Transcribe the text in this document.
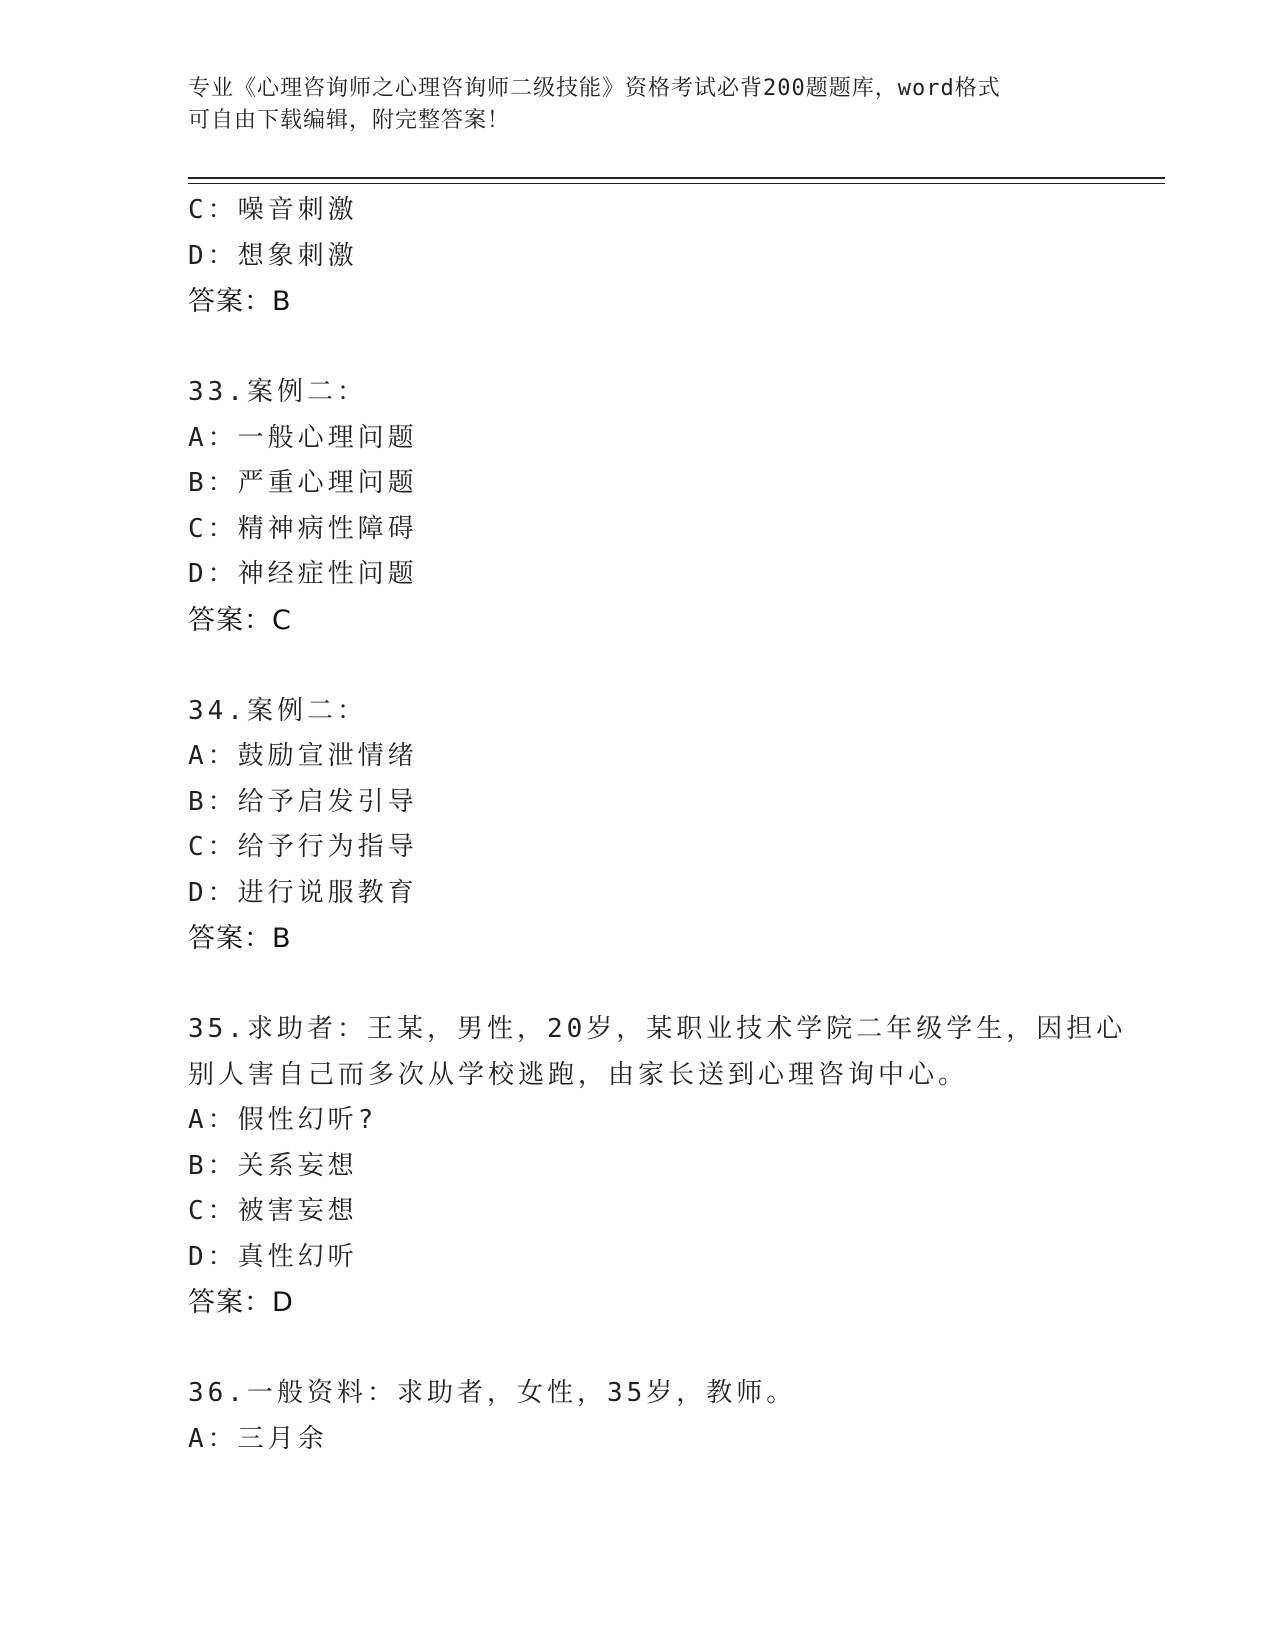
专业《心理咨询师之心理咨询师二级技能》资格考试必背200题题库，word格式
可自由下载编辑，附完整答案！
C：噪音刺激
D：想象刺激
答案：B
33.案例二：
A：一般心理问题
B：严重心理问题
C：精神病性障碍
D：神经症性问题
答案：C
34.案例二：
A：鼓励宣泄情绪
B：给予启发引导
C：给予行为指导
D：进行说服教育
答案：B
35.求助者：王某，男性，20岁，某职业技术学院二年级学生，因担心
别人害自己而多次从学校逃跑，由家长送到心理咨询中心。
A：假性幻听?
B：关系妄想
C：被害妄想
D：真性幻听
答案：D
36.一般资料：求助者，女性，35岁，教师。
A：三月余
